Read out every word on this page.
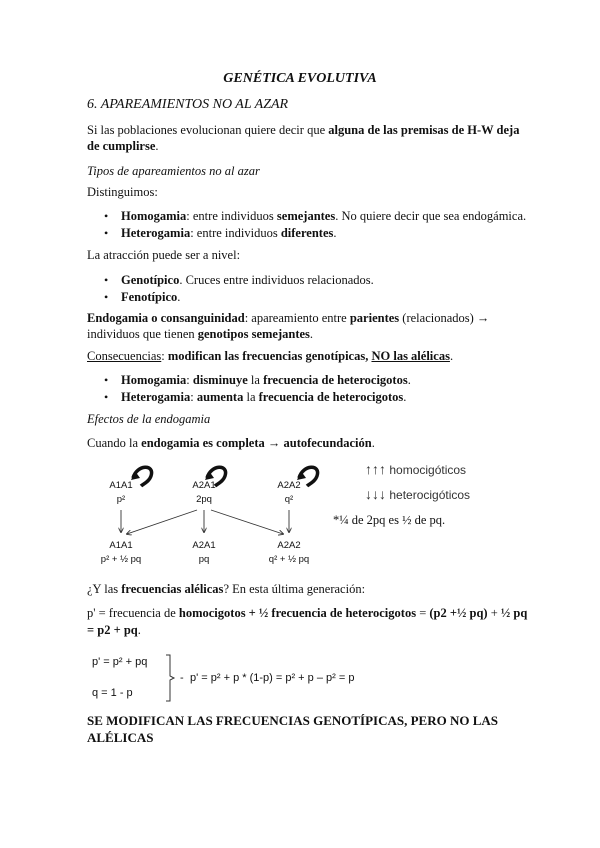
GENÉTICA EVOLUTIVA
6. APAREAMIENTOS NO AL AZAR
Si las poblaciones evolucionan quiere decir que alguna de las premisas de H-W deja
de cumplirse.
Tipos de apareamientos no al azar
Distinguimos:
• Homogamia: entre individuos semejantes. No quiere decir que sea endogámica.
• Heterogamia: entre individuos diferentes.
La atracción puede ser a nivel:
• Genotípico. Cruces entre individuos relacionados.
• Fenotípico.
Endogamia o consanguinidad: apareamiento entre parientes (relacionados) →
individuos que tienen genotipos semejantes.
Consecuencias: modifican las frecuencias genotípicas, NO las alélicas.
• Homogamia: disminuye la frecuencia de heterocigotos.
• Heterogamia: aumenta la frecuencia de heterocigotos.
Efectos de la endogamia
Cuando la endogamia es completa → autofecundación.
A1A1
p²
A2A1
2pq
A2A2
q²
A1A1
p² + ½ pq
A2A1
pq
A2A2
q² + ½ pq
↑↑↑ homocigóticos
↓↓↓ heterocigóticos
*¼ de 2pq es ½ de pq.
¿Y las frecuencias alélicas? En esta última generación:
p' = frecuencia de homocigotos + ½ frecuencia de heterocigotos = (p2 +½ pq) + ½ pq
= p2 + pq.
p' = p² + pq
q = 1 - p
- p' = p² + p * (1-p) = p² + p – p² = p
SE MODIFICAN LAS FRECUENCIAS GENOTÍPICAS, PERO NO LAS
ALÉLICAS
